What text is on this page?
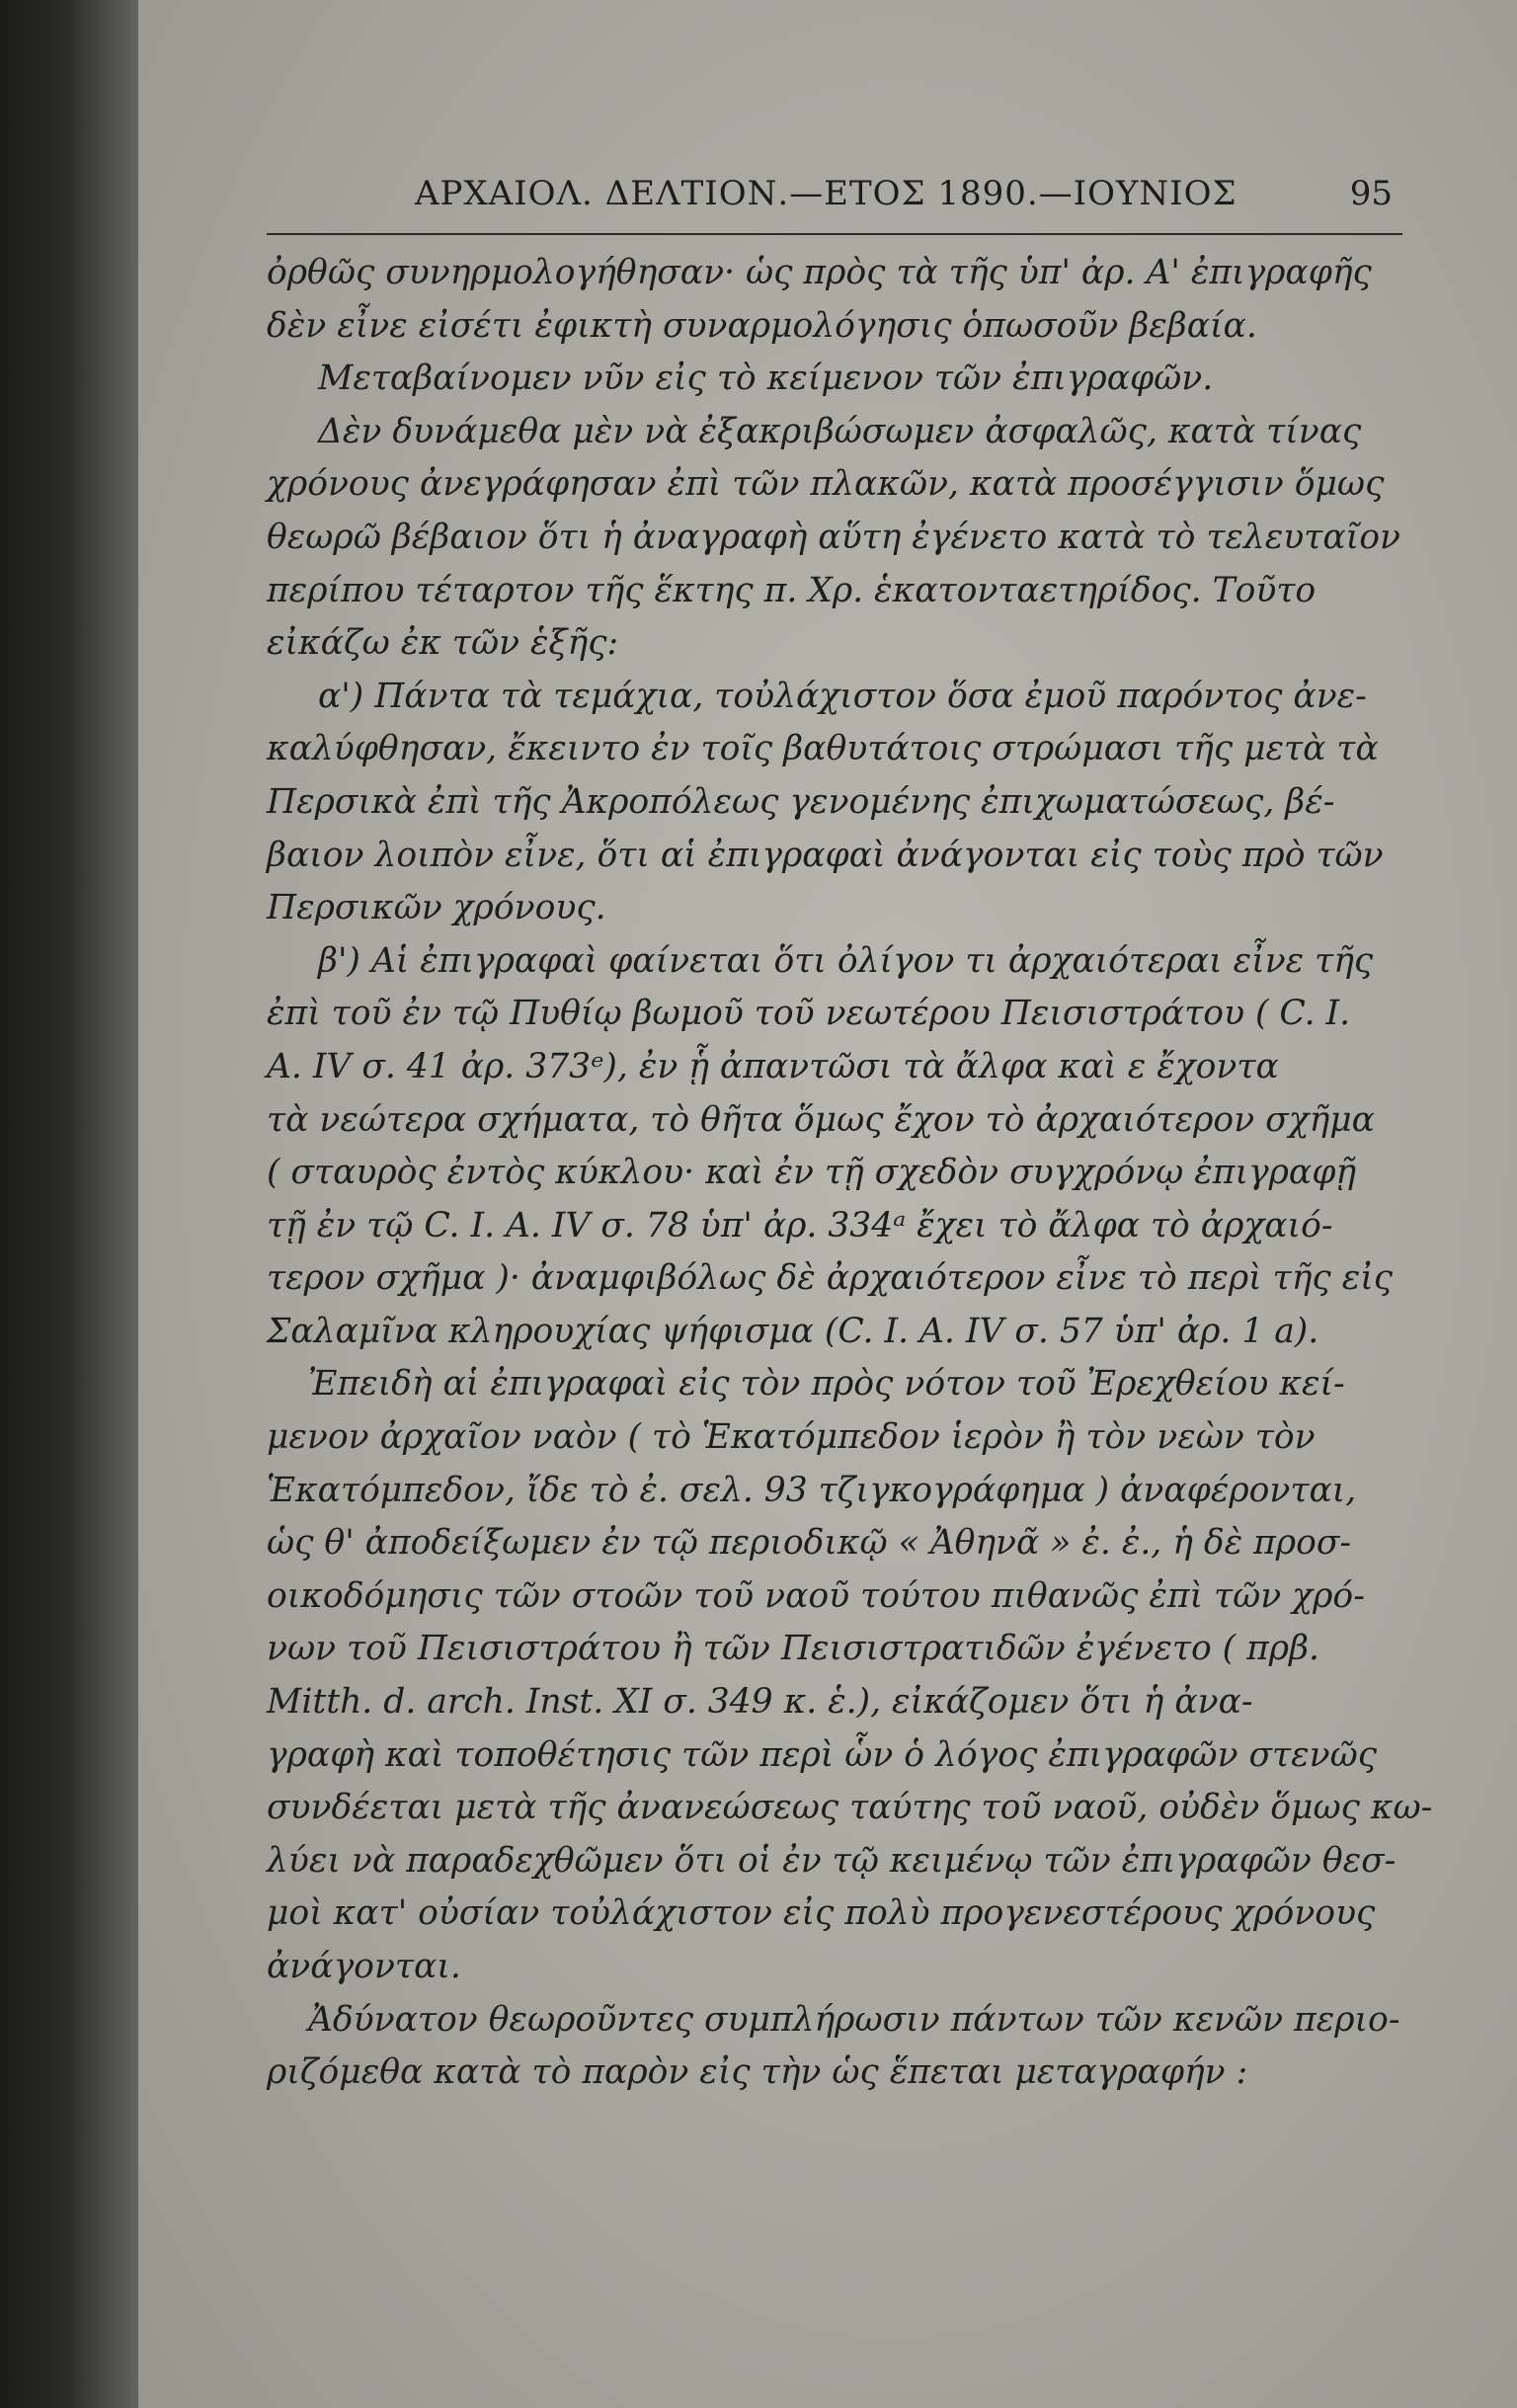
ΑΡΧΑΙΟΛ. ΔΕΛΤΙΟΝ.—ΕΤΟΣ 1890.—ΙΟΥΝΙΟΣ	95
ὀρθῶς συνηρμολογήθησαν· ὡς πρὸς τὰ τῆς ὑπ' ἀρ. Α' ἐπιγραφῆς
δὲν εἶνε εἰσέτι ἐφικτὴ συναρμολόγησις ὁπωσοῦν βεβαία.
Μεταβαίνομεν νῦν εἰς τὸ κείμενον τῶν ἐπιγραφῶν.
Δὲν δυνάμεθα μὲν νὰ ἐξακριβώσωμεν ἀσφαλῶς, κατὰ τίνας
χρόνους ἀνεγράφησαν ἐπὶ τῶν πλακῶν, κατὰ προσέγγισιν ὅμως
θεωρῶ βέβαιον ὅτι ἡ ἀναγραφὴ αὕτη ἐγένετο κατὰ τὸ τελευταῖον
περίπου τέταρτον τῆς ἕκτης π. Χρ. ἑκατονταετηρίδος. Τοῦτο
εἰκάζω ἐκ τῶν ἑξῆς:
α') Πάντα τὰ τεμάχια, τοὐλάχιστον ὅσα ἐμοῦ παρόντος ἀνε-
καλύφθησαν, ἔκειντο ἐν τοῖς βαθυτάτοις στρώμασι τῆς μετὰ τὰ
Περσικὰ ἐπὶ τῆς Ἀκροπόλεως γενομένης ἐπιχωματώσεως, βέ-
βαιον λοιπὸν εἶνε, ὅτι αἱ ἐπιγραφαὶ ἀνάγονται εἰς τοὺς πρὸ τῶν
Περσικῶν χρόνους.
β') Αἱ ἐπιγραφαὶ φαίνεται ὅτι ὀλίγον τι ἀρχαιότεραι εἶνε τῆς
ἐπὶ τοῦ ἐν τῷ Πυθίῳ βωμοῦ τοῦ νεωτέρου Πεισιστράτου ( C. I.
A. IV σ. 41 ἀρ. 373ᵉ), ἐν ᾗ ἀπαντῶσι τὰ ἄλφα καὶ ε ἔχοντα
τὰ νεώτερα σχήματα, τὸ θῆτα ὅμως ἔχον τὸ ἀρχαιότερον σχῆμα
( σταυρὸς ἐντὸς κύκλου· καὶ ἐν τῇ σχεδὸν συγχρόνῳ ἐπιγραφῇ
τῇ ἐν τῷ C. I. A. IV σ. 78 ὑπ' ἀρ. 334ᵃ ἔχει τὸ ἄλφα τὸ ἀρχαιό-
τερον σχῆμα )· ἀναμφιβόλως δὲ ἀρχαιότερον εἶνε τὸ περὶ τῆς εἰς
Σαλαμῖνα κληρουχίας ψήφισμα (C. I. A. IV σ. 57 ὑπ' ἀρ. 1 a).
Ἐπειδὴ αἱ ἐπιγραφαὶ εἰς τὸν πρὸς νότον τοῦ Ἐρεχθείου κεί-
μενον ἀρχαῖον ναὸν ( τὸ Ἑκατόμπεδον ἱερὸν ἢ τὸν νεὼν τὸν
Ἑκατόμπεδον, ἴδε τὸ ἐ. σελ. 93 τζιγκογράφημα ) ἀναφέρονται,
ὡς θ' ἀποδείξωμεν ἐν τῷ περιοδικῷ « Ἀθηνᾶ » ἐ. ἐ., ἡ δὲ προσ-
οικοδόμησις τῶν στοῶν τοῦ ναοῦ τούτου πιθανῶς ἐπὶ τῶν χρό-
νων τοῦ Πεισιστράτου ἢ τῶν Πεισιστρατιδῶν ἐγένετο ( πρβ.
Mitth. d. arch. Inst. XI σ. 349 κ. ἑ.), εἰκάζομεν ὅτι ἡ ἀνα-
γραφὴ καὶ τοποθέτησις τῶν περὶ ὧν ὁ λόγος ἐπιγραφῶν στενῶς
συνδέεται μετὰ τῆς ἀνανεώσεως ταύτης τοῦ ναοῦ, οὐδὲν ὅμως κω-
λύει νὰ παραδεχθῶμεν ὅτι οἱ ἐν τῷ κειμένῳ τῶν ἐπιγραφῶν θεσ-
μοὶ κατ' οὐσίαν τοὐλάχιστον εἰς πολὺ προγενεστέρους χρόνους
ἀνάγονται.
Ἀδύνατον θεωροῦντες συμπλήρωσιν πάντων τῶν κενῶν περιο-
ριζόμεθα κατὰ τὸ παρὸν εἰς τὴν ὡς ἕπεται μεταγραφήν :
